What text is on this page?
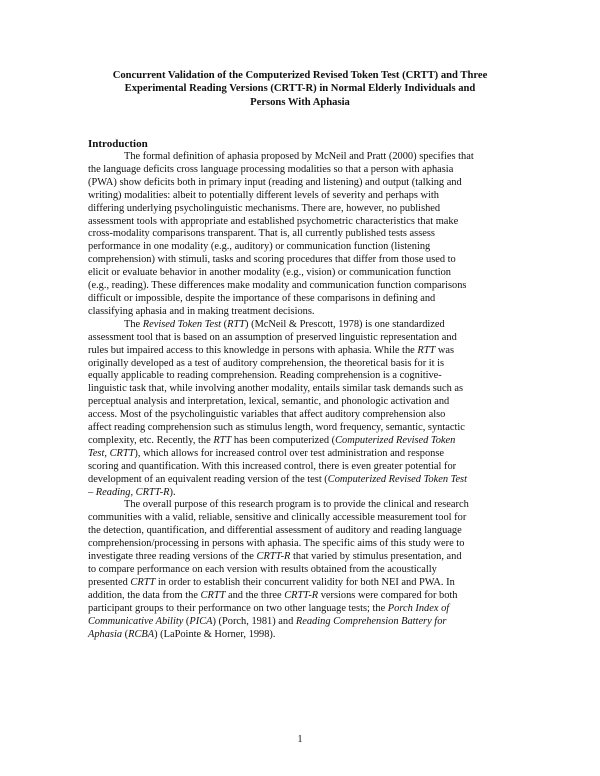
Concurrent Validation of the Computerized Revised Token Test (CRTT) and Three
Experimental Reading Versions (CRTT-R) in Normal Elderly Individuals and
Persons With Aphasia
Introduction
The formal definition of aphasia proposed by McNeil and Pratt (2000) specifies that
the language deficits cross language processing modalities so that a person with aphasia
(PWA) show deficits both in primary input (reading and listening) and output (talking and
writing) modalities: albeit to potentially different levels of severity and perhaps with
differing underlying psycholinguistic mechanisms. There are, however, no published
assessment tools with appropriate and established psychometric characteristics that make
cross-modality comparisons transparent. That is, all currently published tests assess
performance in one modality (e.g., auditory) or communication function (listening
comprehension) with stimuli, tasks and scoring procedures that differ from those used to
elicit or evaluate behavior in another modality (e.g., vision) or communication function
(e.g., reading). These differences make modality and communication function comparisons
difficult or impossible, despite the importance of these comparisons in defining and
classifying aphasia and in making treatment decisions.
The Revised Token Test (RTT) (McNeil & Prescott, 1978) is one standardized
assessment tool that is based on an assumption of preserved linguistic representation and
rules but impaired access to this knowledge in persons with aphasia. While the RTT was
originally developed as a test of auditory comprehension, the theoretical basis for it is
equally applicable to reading comprehension. Reading comprehension is a cognitive-
linguistic task that, while involving another modality, entails similar task demands such as
perceptual analysis and interpretation, lexical, semantic, and phonologic activation and
access. Most of the psycholinguistic variables that affect auditory comprehension also
affect reading comprehension such as stimulus length, word frequency, semantic, syntactic
complexity, etc. Recently, the RTT has been computerized (Computerized Revised Token
Test, CRTT), which allows for increased control over test administration and response
scoring and quantification. With this increased control, there is even greater potential for
development of an equivalent reading version of the test (Computerized Revised Token Test
– Reading, CRTT-R).
The overall purpose of this research program is to provide the clinical and research
communities with a valid, reliable, sensitive and clinically accessible measurement tool for
the detection, quantification, and differential assessment of auditory and reading language
comprehension/processing in persons with aphasia. The specific aims of this study were to
investigate three reading versions of the CRTT-R that varied by stimulus presentation, and
to compare performance on each version with results obtained from the acoustically
presented CRTT in order to establish their concurrent validity for both NEI and PWA. In
addition, the data from the CRTT and the three CRTT-R versions were compared for both
participant groups to their performance on two other language tests; the Porch Index of
Communicative Ability (PICA) (Porch, 1981) and Reading Comprehension Battery for
Aphasia (RCBA) (LaPointe & Horner, 1998).
1
